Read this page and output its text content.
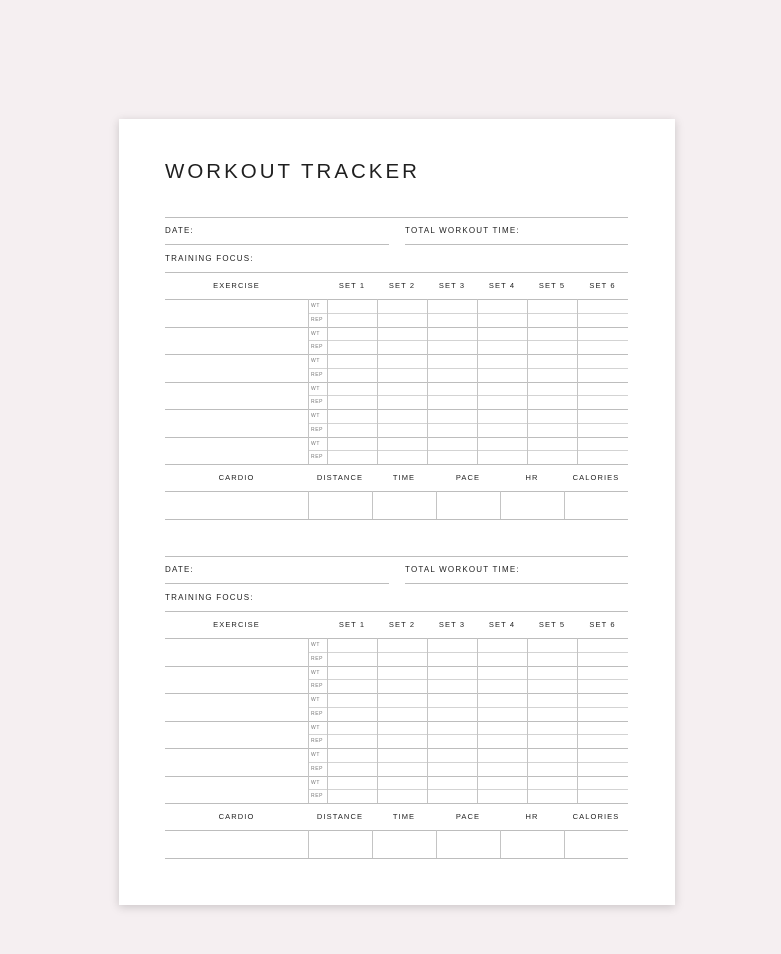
WORKOUT TRACKER
DATE:	TOTAL WORKOUT TIME:
TRAINING FOCUS:
EXERCISE	SET 1	SET 2	SET 3	SET 4	SET 5	SET 6
WT
REP
WT
REP
WT
REP
WT
REP
WT
REP
WT
REP
CARDIO	DISTANCE	TIME	PACE	HR	CALORIES
DATE:	TOTAL WORKOUT TIME:
TRAINING FOCUS:
EXERCISE	SET 1	SET 2	SET 3	SET 4	SET 5	SET 6
WT
REP
WT
REP
WT
REP
WT
REP
WT
REP
WT
REP
CARDIO	DISTANCE	TIME	PACE	HR	CALORIES
